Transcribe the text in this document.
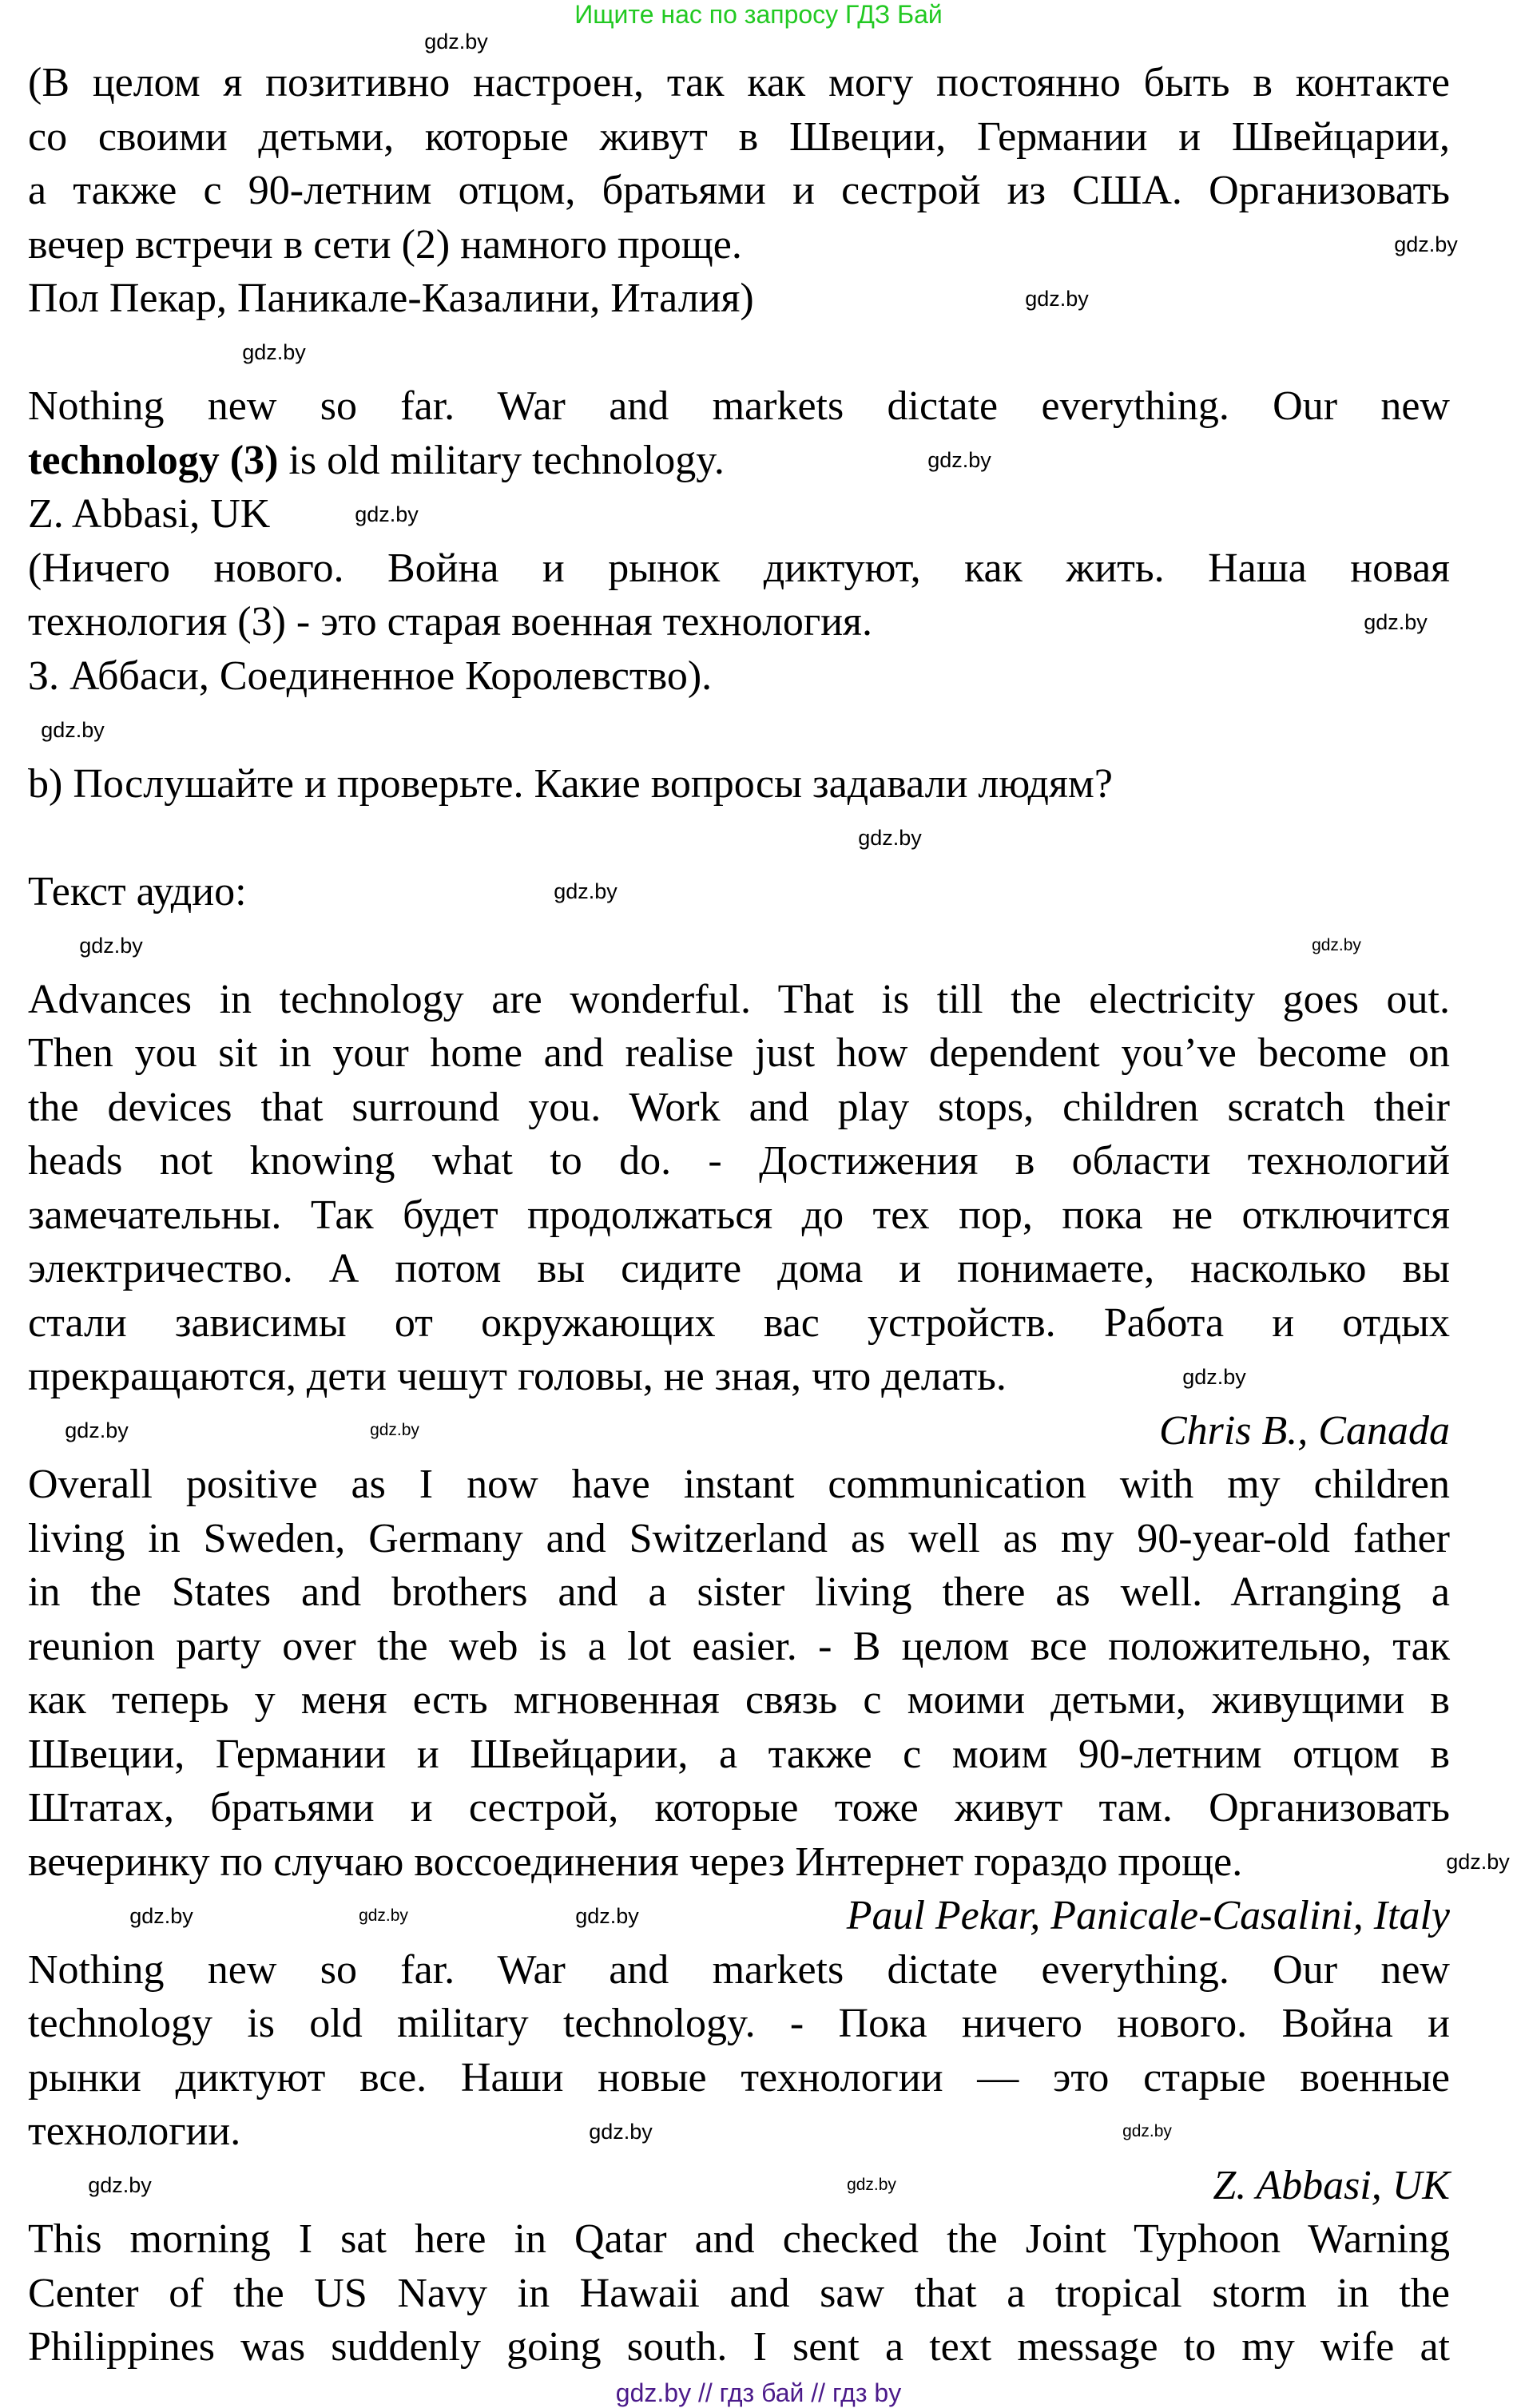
Ищите нас по запросу ГДЗ Бай
(В целом я позитивно настроен, так как могу постоянно быть в контакте
со своими детьми, которые живут в Швеции, Германии и Швейцарии,
а также с 90-летним отцом, братьями и сестрой из США. Организовать
вечер встречи в сети (2) намного проще.
Пол Пекар, Паникале-Казалини, Италия)
Nothing new so far. War and markets dictate everything. Our new
technology (3) is old military technology.
Z. Abbasi, UK
(Ничего нового. Война и рынок диктуют, как жить. Наша новая
технология (3) - это старая военная технология.
З. Аббаси, Соединенное Королевство).
b) Послушайте и проверьте. Какие вопросы задавали людям?
Текст аудио:
Advances in technology are wonderful. That is till the electricity goes out.
Then you sit in your home and realise just how dependent you’ve become on
the devices that surround you. Work and play stops, children scratch their
heads not knowing what to do. - Достижения в области технологий
замечательны. Так будет продолжаться до тех пор, пока не отключится
электричество. А потом вы сидите дома и понимаете, насколько вы
стали зависимы от окружающих вас устройств. Работа и отдых
прекращаются, дети чешут головы, не зная, что делать.
Chris B., Canada
Overall positive as I now have instant communication with my children
living in Sweden, Germany and Switzerland as well as my 90-year-old father
in the States and brothers and a sister living there as well. Arranging a
reunion party over the web is a lot easier. - В целом все положительно, так
как теперь у меня есть мгновенная связь с моими детьми, живущими в
Швеции, Германии и Швейцарии, а также с моим 90-летним отцом в
Штатах, братьями и сестрой, которые тоже живут там. Организовать
вечеринку по случаю воссоединения через Интернет гораздо проще.
Paul Pekar, Panicale-Casalini, Italy
Nothing new so far. War and markets dictate everything. Our new
technology is old military technology. - Пока ничего нового. Война и
рынки диктуют все. Наши новые технологии — это старые военные
технологии.
Z. Abbasi, UK
This morning I sat here in Qatar and checked the Joint Typhoon Warning
Center of the US Navy in Hawaii and saw that a tropical storm in the
Philippines was suddenly going south. I sent a text message to my wife at
gdz.by
gdz.by
gdz.by
gdz.by
gdz.by
gdz.by
gdz.by
gdz.by
gdz.by
gdz.by
gdz.by
gdz.by
gdz.by
gdz.by
gdz.by
gdz.by
gdz.by
gdz.by
gdz.by
gdz.by
gdz.by
gdz.by	gdz.by
gdz.by // гдз бай // гдз by
